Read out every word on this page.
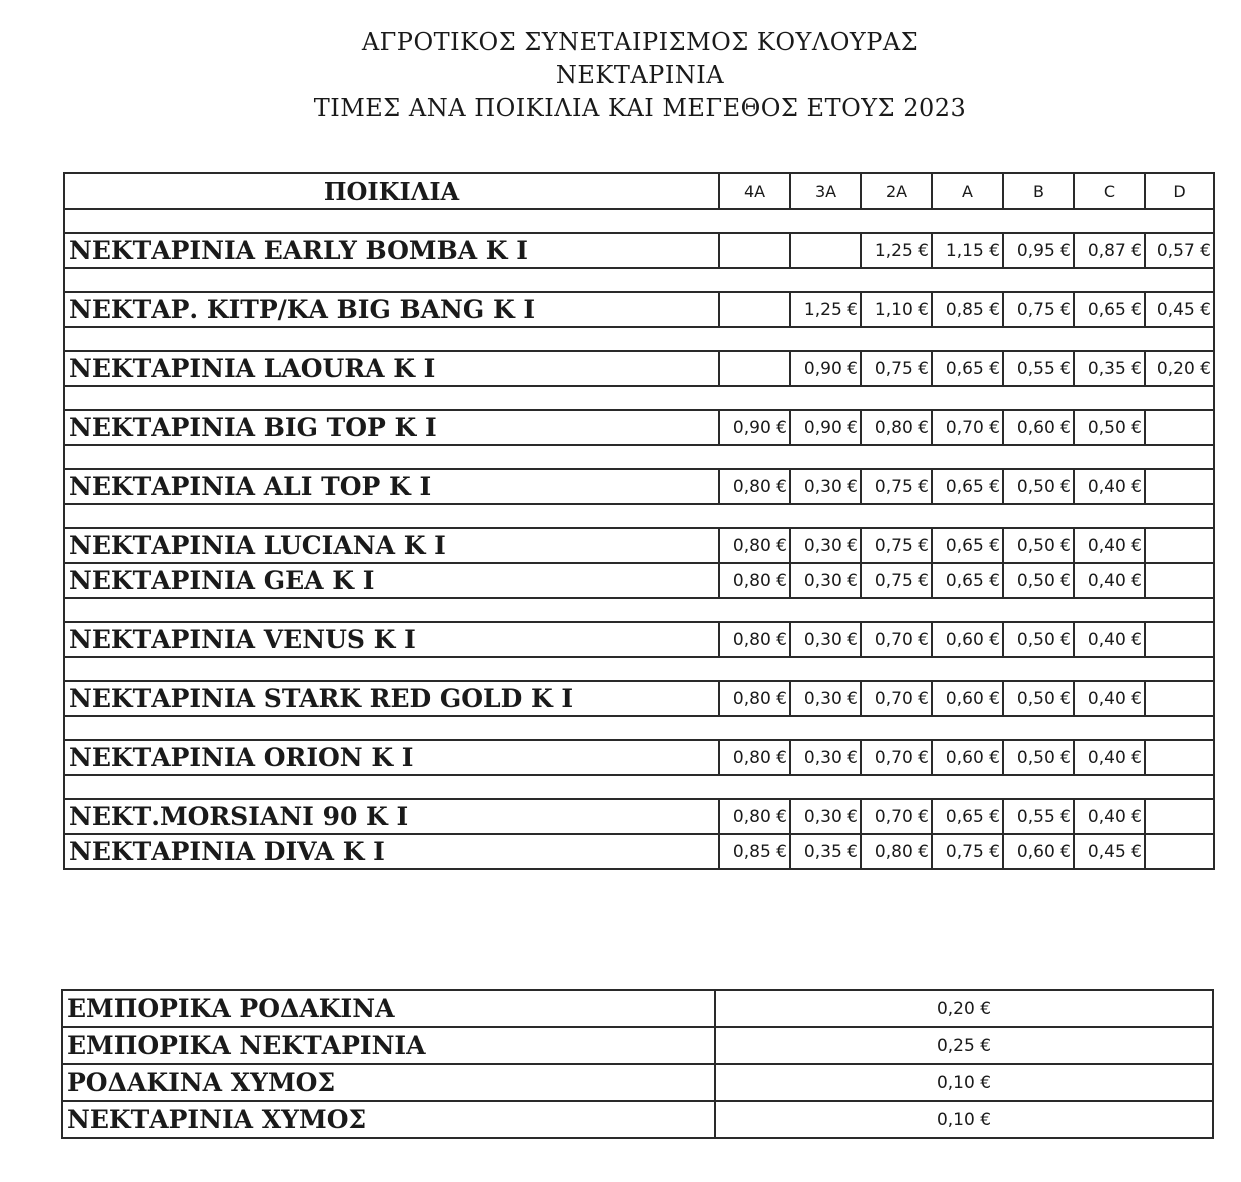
ΑΓΡΟΤΙΚΟΣ ΣΥΝΕΤΑΙΡΙΣΜΟΣ ΚΟΥΛΟΥΡΑΣ
ΝΕΚΤΑΡΙΝΙΑ
ΤΙΜΕΣ ΑΝΑ ΠΟΙΚΙΛΙΑ ΚΑΙ ΜΕΓΕΘΟΣ ΕΤΟΥΣ 2023
ΠΟΙΚΙΛΙΑ	4A	3A	2A	A	B	C	D

ΝΕΚΤΑΡΙΝΙΑ EARLY BOMBA K I			1,25 €	1,15 €	0,95 €	0,87 €	0,57 €

ΝΕΚΤΑΡ. ΚΙΤΡ/ΚΑ BIG BANG K I		1,25 €	1,10 €	0,85 €	0,75 €	0,65 €	0,45 €

ΝΕΚΤΑΡΙΝΙΑ LAOURA K I		0,90 €	0,75 €	0,65 €	0,55 €	0,35 €	0,20 €

ΝΕΚΤΑΡΙΝΙΑ BIG TOP K I	0,90 €	0,90 €	0,80 €	0,70 €	0,60 €	0,50 €	

ΝΕΚΤΑΡΙΝΙΑ ALI TOP K I	0,80 €	0,30 €	0,75 €	0,65 €	0,50 €	0,40 €	

ΝΕΚΤΑΡΙΝΙΑ LUCIANA K I	0,80 €	0,30 €	0,75 €	0,65 €	0,50 €	0,40 €	
ΝΕΚΤΑΡΙΝΙΑ GEA K I	0,80 €	0,30 €	0,75 €	0,65 €	0,50 €	0,40 €	

ΝΕΚΤΑΡΙΝΙΑ VENUS K I	0,80 €	0,30 €	0,70 €	0,60 €	0,50 €	0,40 €	

ΝΕΚΤΑΡΙΝΙΑ STARK RED GOLD K I	0,80 €	0,30 €	0,70 €	0,60 €	0,50 €	0,40 €	

ΝΕΚΤΑΡΙΝΙΑ ORION K I	0,80 €	0,30 €	0,70 €	0,60 €	0,50 €	0,40 €	

ΝΕΚΤ.MORSIANI 90 K I	0,80 €	0,30 €	0,70 €	0,65 €	0,55 €	0,40 €	
ΝΕΚΤΑΡΙΝΙΑ DIVA K I	0,85 €	0,35 €	0,80 €	0,75 €	0,60 €	0,45 €	
ΕΜΠΟΡΙΚΑ ΡΟΔΑΚΙΝΑ	0,20 €
ΕΜΠΟΡΙΚΑ ΝΕΚΤΑΡΙΝΙΑ	0,25 €
ΡΟΔΑΚΙΝΑ ΧΥΜΟΣ	0,10 €
ΝΕΚΤΑΡΙΝΙΑ ΧΥΜΟΣ	0,10 €
